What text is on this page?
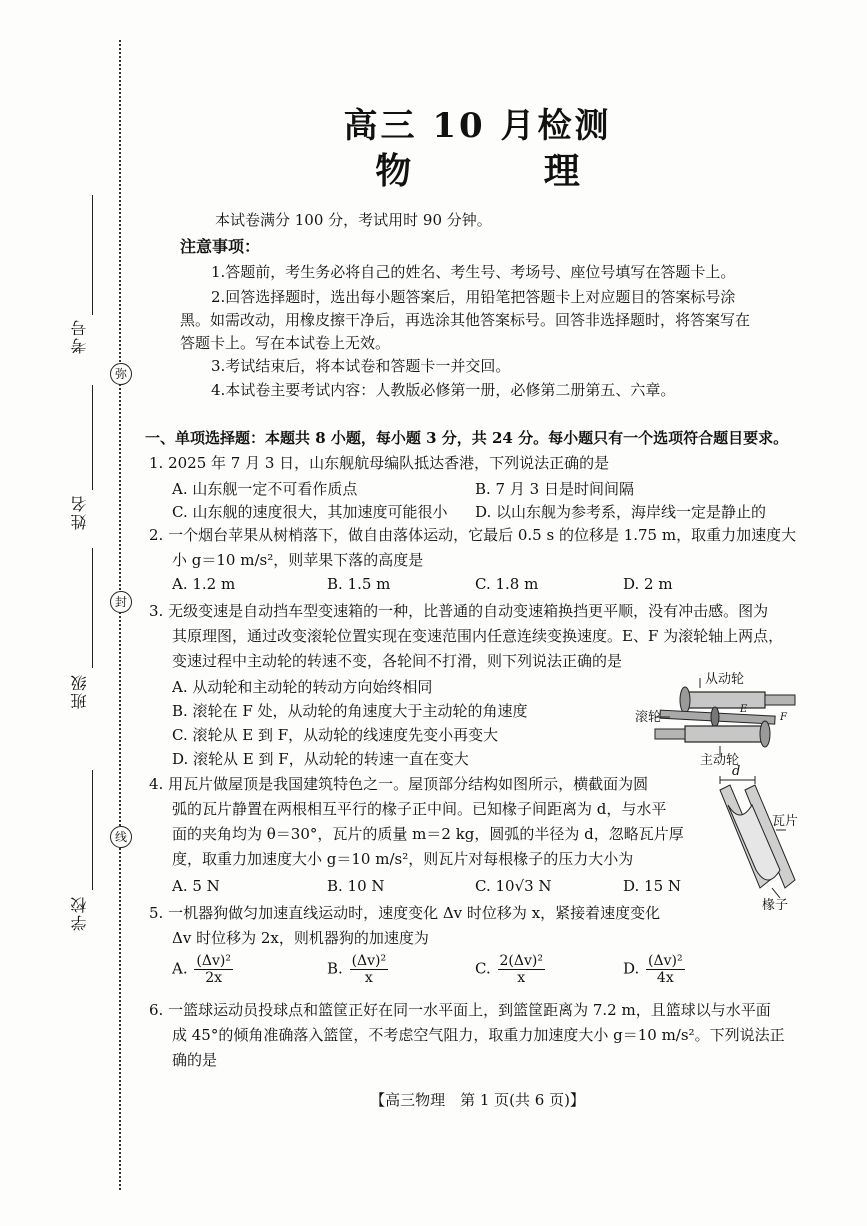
弥
封
线
考号
姓名
班级
学校
高三 10 月检测
物 理
本试卷满分 100 分，考试用时 90 分钟。
注意事项：
1.答题前，考生务必将自己的姓名、考生号、考场号、座位号填写在答题卡上。
2.回答选择题时，选出每小题答案后，用铅笔把答题卡上对应题目的答案标号涂
黑。如需改动，用橡皮擦干净后，再选涂其他答案标号。回答非选择题时，将答案写在
答题卡上。写在本试卷上无效。
3.考试结束后，将本试卷和答题卡一并交回。
4.本试卷主要考试内容：人教版必修第一册，必修第二册第五、六章。
一、单项选择题：本题共 8 小题，每小题 3 分，共 24 分。每小题只有一个选项符合题目要求。
1. 2025 年 7 月 3 日，山东舰航母编队抵达香港，下列说法正确的是
A. 山东舰一定不可看作质点	B. 7 月 3 日是时间间隔
C. 山东舰的速度很大，其加速度可能很小 D. 以山东舰为参考系，海岸线一定是静止的
2. 一个烟台苹果从树梢落下，做自由落体运动，它最后 0.5 s 的位移是 1.75 m，取重力加速度大
小 g＝10 m/s²，则苹果下落的高度是
A. 1.2 m	B. 1.5 m	C. 1.8 m	D. 2 m
3. 无级变速是自动挡车型变速箱的一种，比普通的自动变速箱换挡更平顺，没有冲击感。图为
其原理图，通过改变滚轮位置实现在变速范围内任意连续变换速度。E、F 为滚轮轴上两点，
变速过程中主动轮的转速不变，各轮间不打滑，则下列说法正确的是
A. 从动轮和主动轮的转动方向始终相同
B. 滚轮在 F 处，从动轮的角速度大于主动轮的角速度
C. 滚轮从 E 到 F，从动轮的线速度先变小再变大
D. 滚轮从 E 到 F，从动轮的转速一直在变大
从动轮
滚轮
主动轮
E
F
4. 用瓦片做屋顶是我国建筑特色之一。屋顶部分结构如图所示，横截面为圆
弧的瓦片静置在两根相互平行的椽子正中间。已知椽子间距离为 d，与水平
面的夹角均为 θ＝30°，瓦片的质量 m＝2 kg，圆弧的半径为 d，忽略瓦片厚
度，取重力加速度大小 g＝10 m/s²，则瓦片对每根椽子的压力大小为
A. 5 N	B. 10 N	C. 10√3 N	D. 15 N
d
瓦片
椽子
5. 一机器狗做匀加速直线运动时，速度变化 Δv 时位移为 x，紧接着速度变化
Δv 时位移为 2x，则机器狗的加速度为
A. $\frac{\text{(Δv)²}}{2x}$	B. $\frac{\text{(Δv)²}}{x}$	C. $\frac{\text{2(Δv)²}}{x}$	D. $\frac{\text{(Δv)²}}{4x}$
6. 一篮球运动员投球点和篮筐正好在同一水平面上，到篮筐距离为 7.2 m，且篮球以与水平面
成 45°的倾角准确落入篮筐，不考虑空气阻力，取重力加速度大小 g＝10 m/s²。下列说法正
确的是
【高三物理　第 1 页(共 6 页)】
